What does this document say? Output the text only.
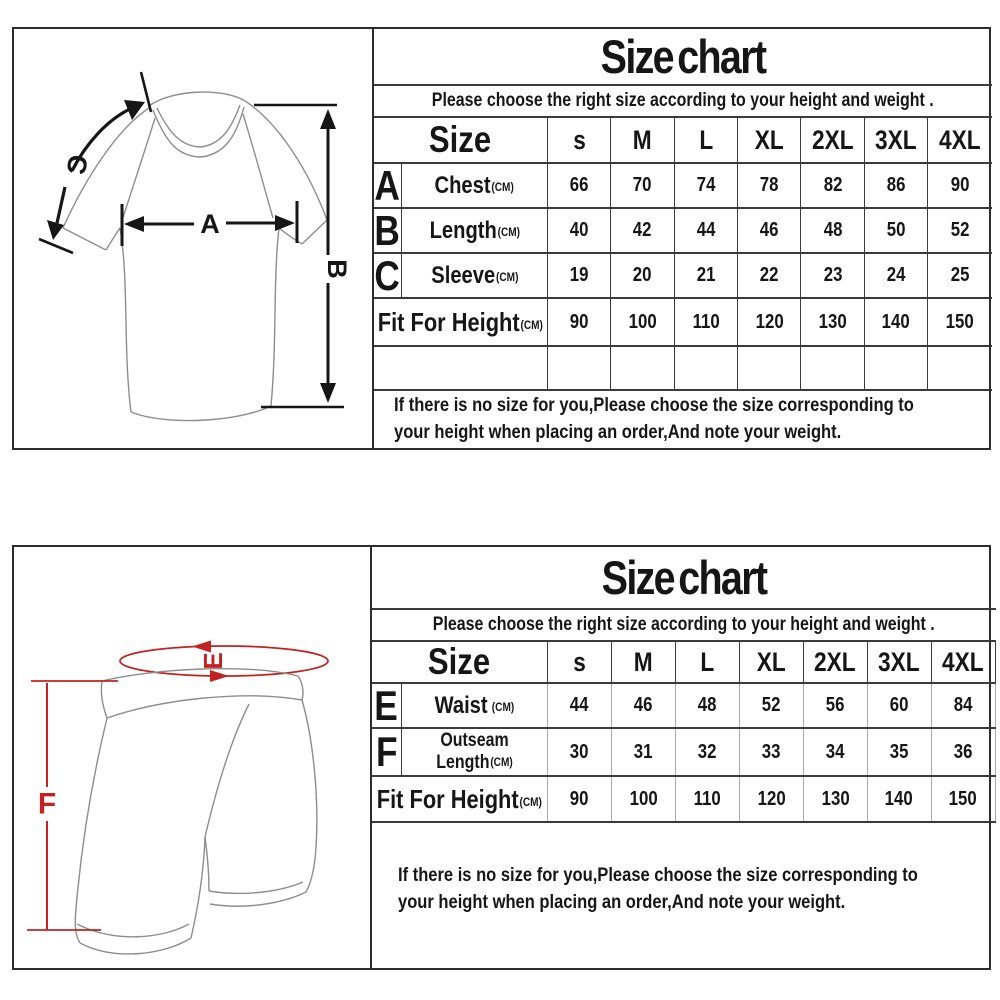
A
B
C
Size chart
Please choose the right size according to your height and weight .
Size	s M L XL 2XL 3XL 4XL
A Chest(CM)	66 70 74 78 82 86 90
B Length(CM)	40 42 44 46 48 50 52
C Sleeve(CM)	19 20 21 22 23 24 25
Fit For Height(CM) 90 100 110 120 130 140 150
If there is no size for you,Please choose the size corresponding to
your height when placing an order,And note your weight.
E
F
Size chart
Please choose the right size according to your height and weight .
Size	s M L XL 2XL 3XL 4XL
E Waist (CM)	44 46 48 52 56 60 84
F Outseam
Length(CM)	30 31 32 33 34 35 36
Fit For Height(CM) 90 100 110 120 130 140 150
If there is no size for you,Please choose the size corresponding to
your height when placing an order,And note your weight.
